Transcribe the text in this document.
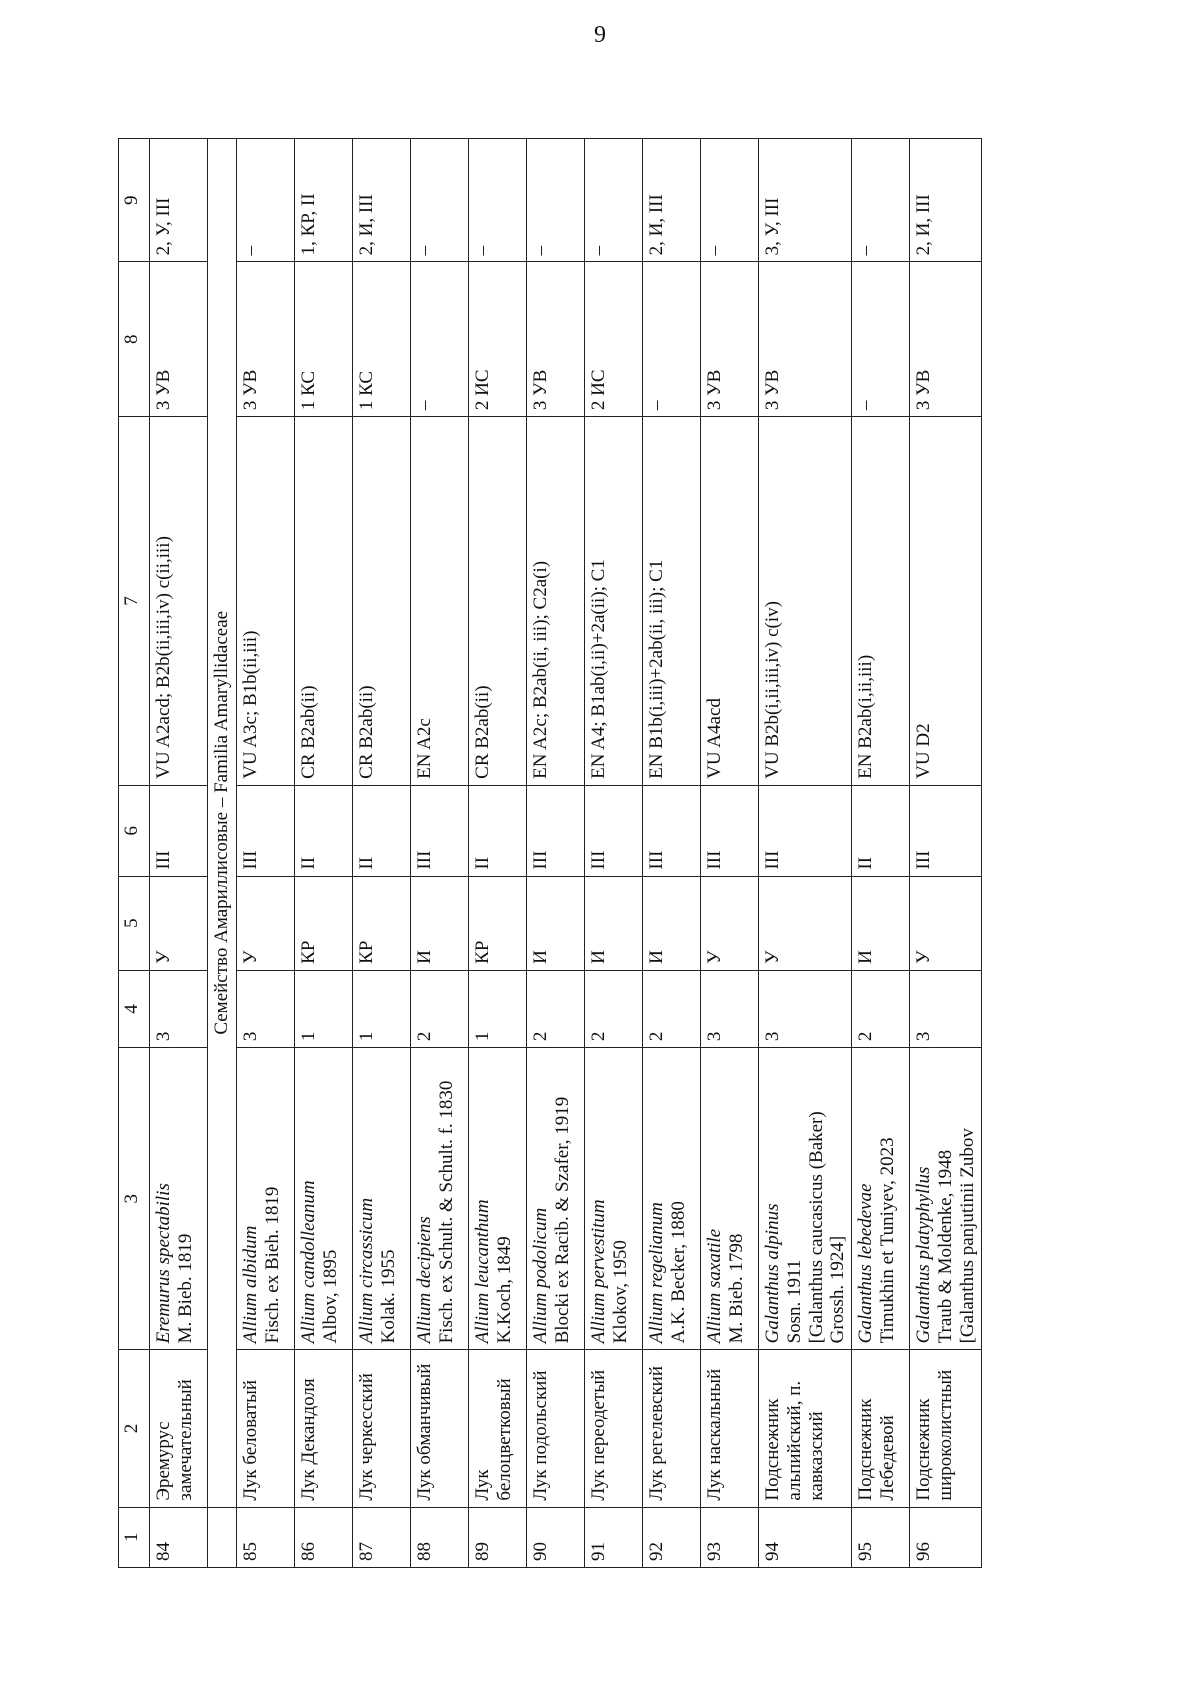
9
1	2	3	4	5	6	7	8	9
84	Эремурус замечательный	Eremurus spectabilis M. Bieb. 1819	3	У	III	VU A2acd; B2b(ii,iii,iv) c(ii,iii)	3 УВ	2, У, III
	Семейство Амариллисовые – Familia Amaryllidaceae							
85	Лук беловатый	Allium albidum Fisch. ex Bieh. 1819	3	У	III	VU A3c; B1b(ii,iii)	3 УВ	–
86	Лук Декандоля	Allium candolleanum Albov, 1895	1	КР	II	CR B2ab(ii)	1 КС	1, КР, II
87	Лук черкесский	Allium circassicum Kolak. 1955	1	КР	II	CR B2ab(ii)	1 КС	2, И, III
88	Лук обманчивый	Allium decipiens Fisch. ex Schult. & Schult. f. 1830	2	И	III	EN A2c	–	–
89	Лук белоцветковый	Allium leucanthum K.Koch, 1849	1	КР	II	CR B2ab(ii)	2 ИС	–
90	Лук подольский	Allium podolicum Blocki ex Racib. & Szafer, 1919	2	И	III	EN A2c; B2ab(ii, iii); C2a(i)	3 УВ	–
91	Лук переодетый	Allium pervestitum Klokov, 1950	2	И	III	EN A4; B1ab(i,ii)+2a(ii); C1	2 ИС	–
92	Лук регелевский	Allium regelianum A.K. Becker, 1880	2	И	III	EN B1b(i,iii)+2ab(ii, iii); C1	–	2, И, III
93	Лук наскальный	Allium saxatile M. Bieb. 1798	3	У	III	VU A4acd	3 УВ	–
94	Подснежник альпийский, п. кавказский	Galanthus alpinus Sosn. 1911 [Galanthus caucasicus (Baker) Grossh. 1924]	3	У	III	VU B2b(i,ii,iii,iv) c(iv)	3 УВ	3, У, III
95	Подснежник Лебедевой	Galanthus lebedevae Timukhin et Tuniyev, 2023	2	И	II	EN B2ab(i,ii,iii)	–	–
96	Подснежник широколистный	Galanthus platyphyllus Traub & Moldenke, 1948 [Galanthus panjutinii Zubov	3	У	III	VU D2	3 УВ	2, И, III
